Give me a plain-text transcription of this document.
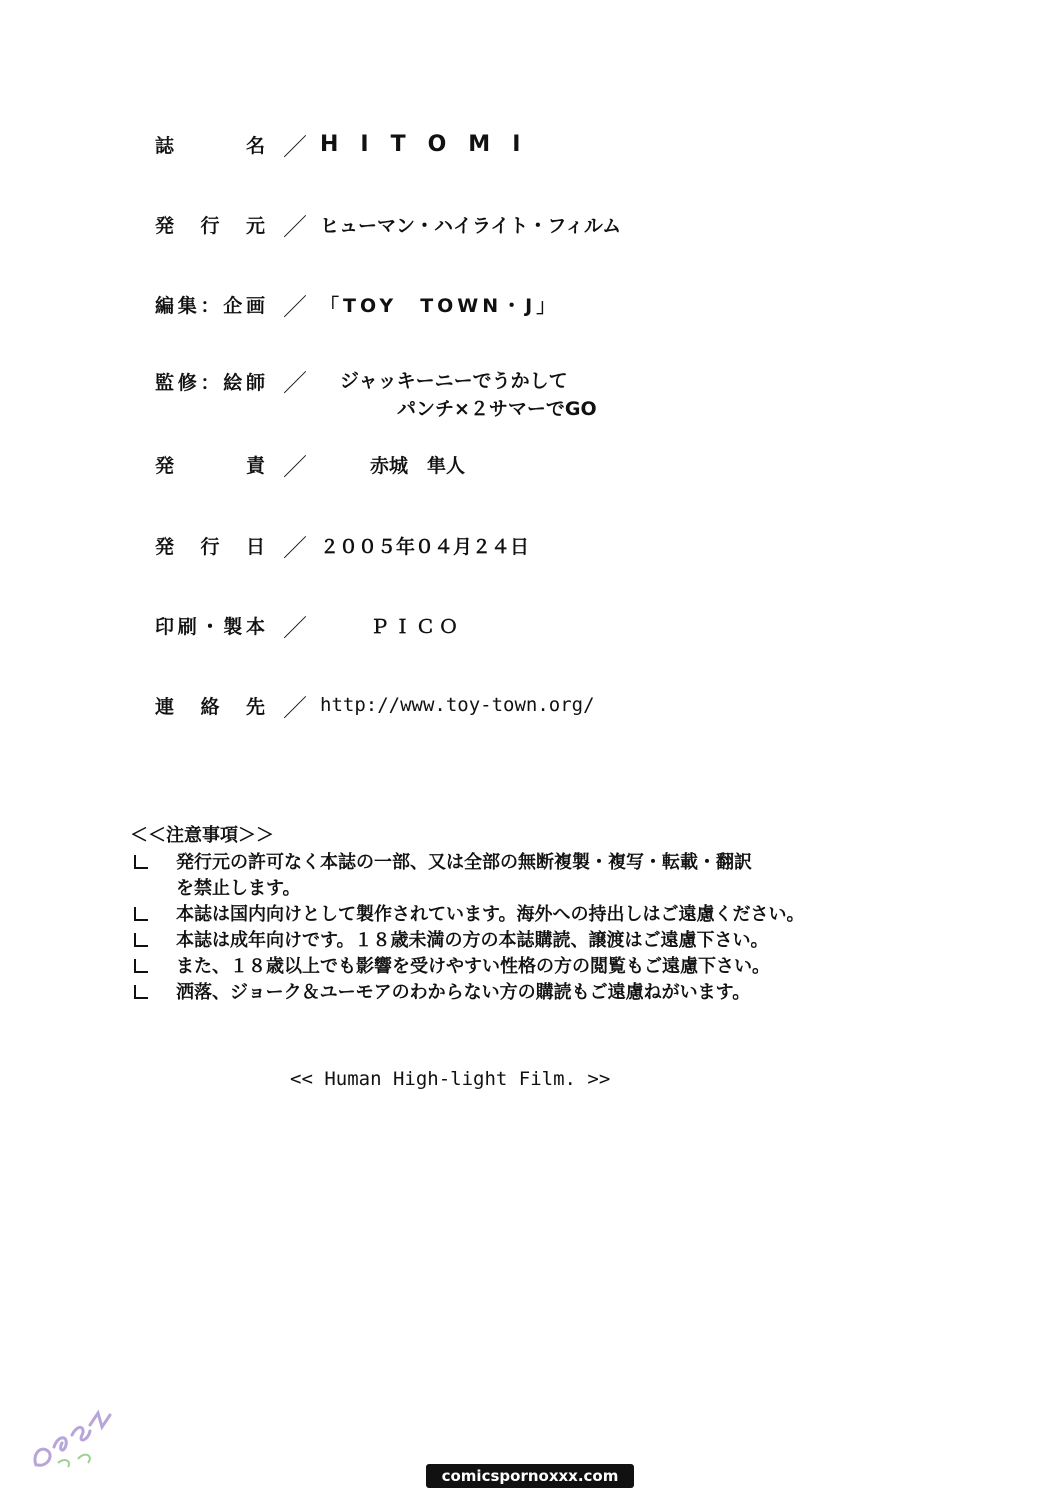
誌　　名 ／ HITOMI
発 行 元 ／ ヒューマン・ハイライト・フィルム
編集：企画 ／ 「TOY　TOWN・J」
監修：絵師 ／	ジャッキーニーでうかして
パンチ×２サマーでGO
発　　責 ／	赤城　隼人
発 行 日 ／ ２００５年０４月２４日
印刷・製本 ／	ＰＩＣＯ
連 絡 先 ／ http://www.toy-town.org/
＜＜注意事項＞＞
発行元の許可なく本誌の一部、又は全部の無断複製・複写・転載・翻訳
を禁止します。
本誌は国内向けとして製作されています。海外への持出しはご遠慮ください。
本誌は成年向けです。１８歳未満の方の本誌購読、譲渡はご遠慮下さい。
また、１８歳以上でも影響を受けやすい性格の方の閲覧もご遠慮下さい。
洒落、ジョーク＆ユーモアのわからない方の購読もご遠慮ねがいます。
<< Human High-light Film. >>
comicspornoxxx.com
